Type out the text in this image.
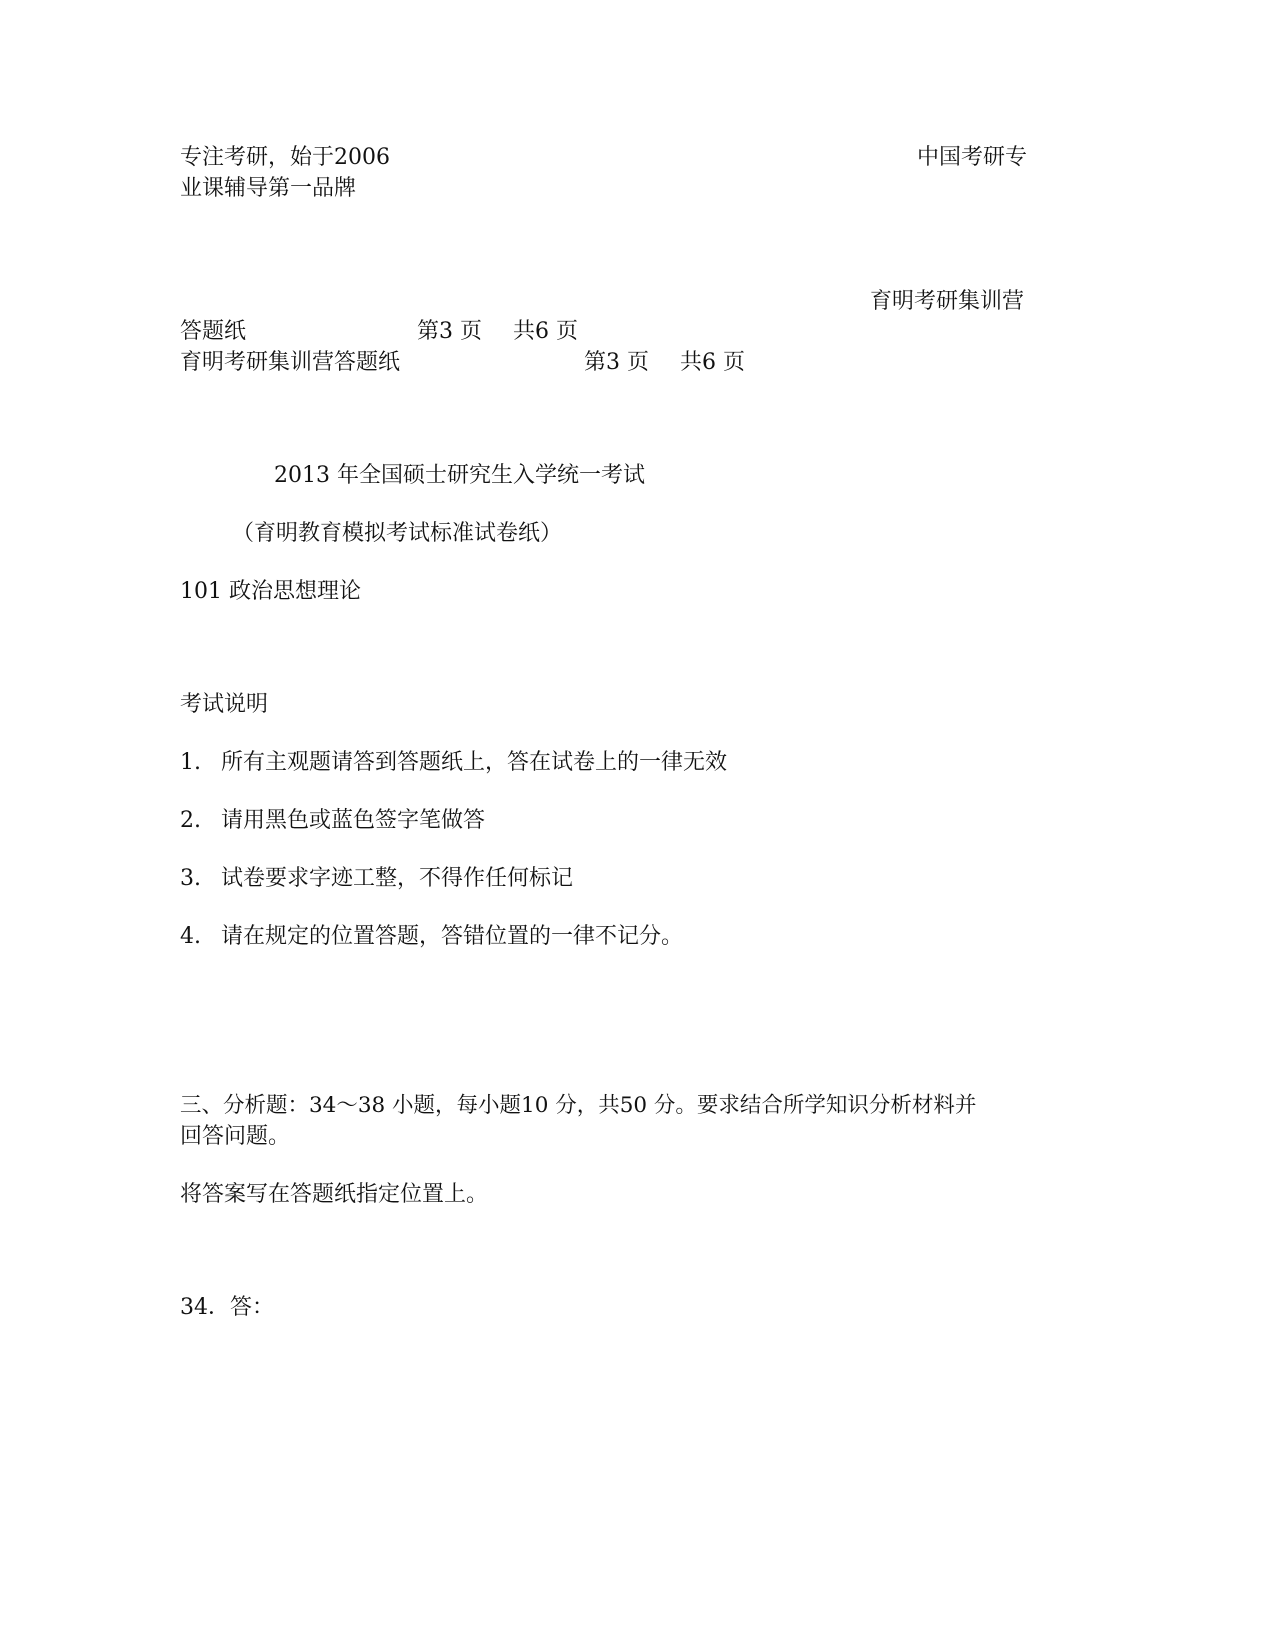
专注考研，始于2006	中国考研专
业课辅导第一品牌
育明考研集训营
答题纸	第3 页 共6 页
育明考研集训营答题纸	第3 页 共6 页
2013 年全国硕士研究生入学统一考试
（育明教育模拟考试标准试卷纸）
101 政治思想理论
考试说明
1. 所有主观题请答到答题纸上，答在试卷上的一律无效
2. 请用黑色或蓝色签字笔做答
3. 试卷要求字迹工整，不得作任何标记
4. 请在规定的位置答题，答错位置的一律不记分。
三、分析题：34～38 小题，每小题10 分，共50 分。要求结合所学知识分析材料并
回答问题。
将答案写在答题纸指定位置上。
34．答：
